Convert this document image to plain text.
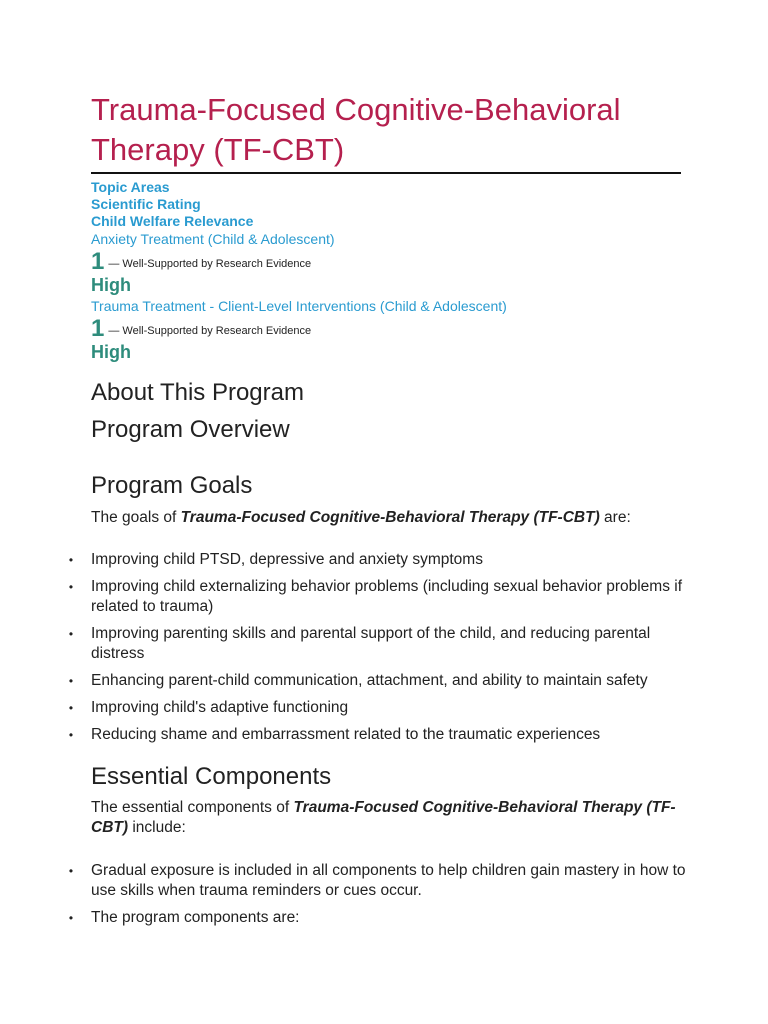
Trauma-Focused Cognitive-Behavioral Therapy (TF-CBT)
Topic Areas
Scientific Rating
Child Welfare Relevance
Anxiety Treatment (Child & Adolescent)
1 — Well-Supported by Research Evidence
High
Trauma Treatment - Client-Level Interventions (Child & Adolescent)
1 — Well-Supported by Research Evidence
High
About This Program
Program Overview
Program Goals

The goals of Trauma-Focused Cognitive-Behavioral Therapy (TF-CBT) are:

• Improving child PTSD, depressive and anxiety symptoms
• Improving child externalizing behavior problems (including sexual behavior problems if related to trauma)
• Improving parenting skills and parental support of the child, and reducing parental distress
• Enhancing parent-child communication, attachment, and ability to maintain safety
• Improving child's adaptive functioning
• Reducing shame and embarrassment related to the traumatic experiences
Essential Components

The essential components of Trauma-Focused Cognitive-Behavioral Therapy (TF-CBT) include:

• Gradual exposure is included in all components to help children gain mastery in how to use skills when trauma reminders or cues occur.
• The program components are:
